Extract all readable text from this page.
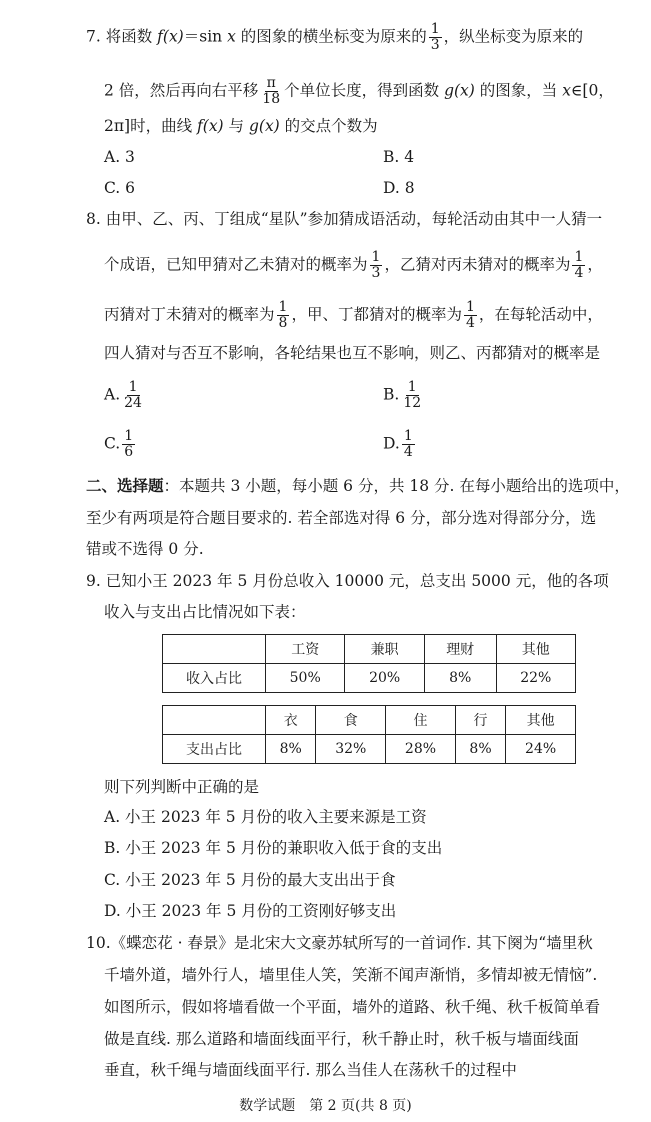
7. 将函数 f(x)＝sin x 的图象的横坐标变为原来的 $\frac{1}{3}$ ，纵坐标变为原来的
2 倍，然后再向右平移 $\frac{\pi}{18}$ 个单位长度，得到函数 g(x) 的图象，当 x∈[0，
2π]时，曲线 f(x) 与 g(x) 的交点个数为
A. 3	B. 4
C. 6	D. 8
8. 由甲、乙、丙、丁组成“星队”参加猜成语活动，每轮活动由其中一人猜一
个成语，已知甲猜对乙未猜对的概率为 $\frac{1}{3}$ ，乙猜对丙未猜对的概率为 $\frac{1}{4}$ ，
丙猜对丁未猜对的概率为 $\frac{1}{8}$ ，甲、丁都猜对的概率为 $\frac{1}{4}$ ，在每轮活动中，
四人猜对与否互不影响，各轮结果也互不影响，则乙、丙都猜对的概率是
A. $\frac{1}{24}$	B. $\frac{1}{12}$
C. $\frac{1}{6}$	D. $\frac{1}{4}$
二、选择题：本题共 3 小题，每小题 6 分，共 18 分. 在每小题给出的选项中，
至少有两项是符合题目要求的. 若全部选对得 6 分，部分选对得部分分，选
错或不选得 0 分.
9. 已知小王 2023 年 5 月份总收入 10000 元，总支出 5000 元，他的各项
收入与支出占比情况如下表：
	工资	兼职	理财	其他
收入占比	50%	20%	8%	22%
	衣	食	住	行	其他
支出占比	8%	32%	28%	8%	24%
则下列判断中正确的是
A. 小王 2023 年 5 月份的收入主要来源是工资
B. 小王 2023 年 5 月份的兼职收入低于食的支出
C. 小王 2023 年 5 月份的最大支出出于食
D. 小王 2023 年 5 月份的工资刚好够支出
10.《蝶恋花 · 春景》是北宋大文豪苏轼所写的一首词作. 其下阕为“墙里秋
千墙外道，墙外行人，墙里佳人笑，笑渐不闻声渐悄，多情却被无情恼”.
如图所示，假如将墙看做一个平面，墙外的道路、秋千绳、秋千板简单看
做是直线. 那么道路和墙面线面平行，秋千静止时，秋千板与墙面线面
垂直，秋千绳与墙面线面平行. 那么当佳人在荡秋千的过程中
数学试题　第 2 页(共 8 页)
